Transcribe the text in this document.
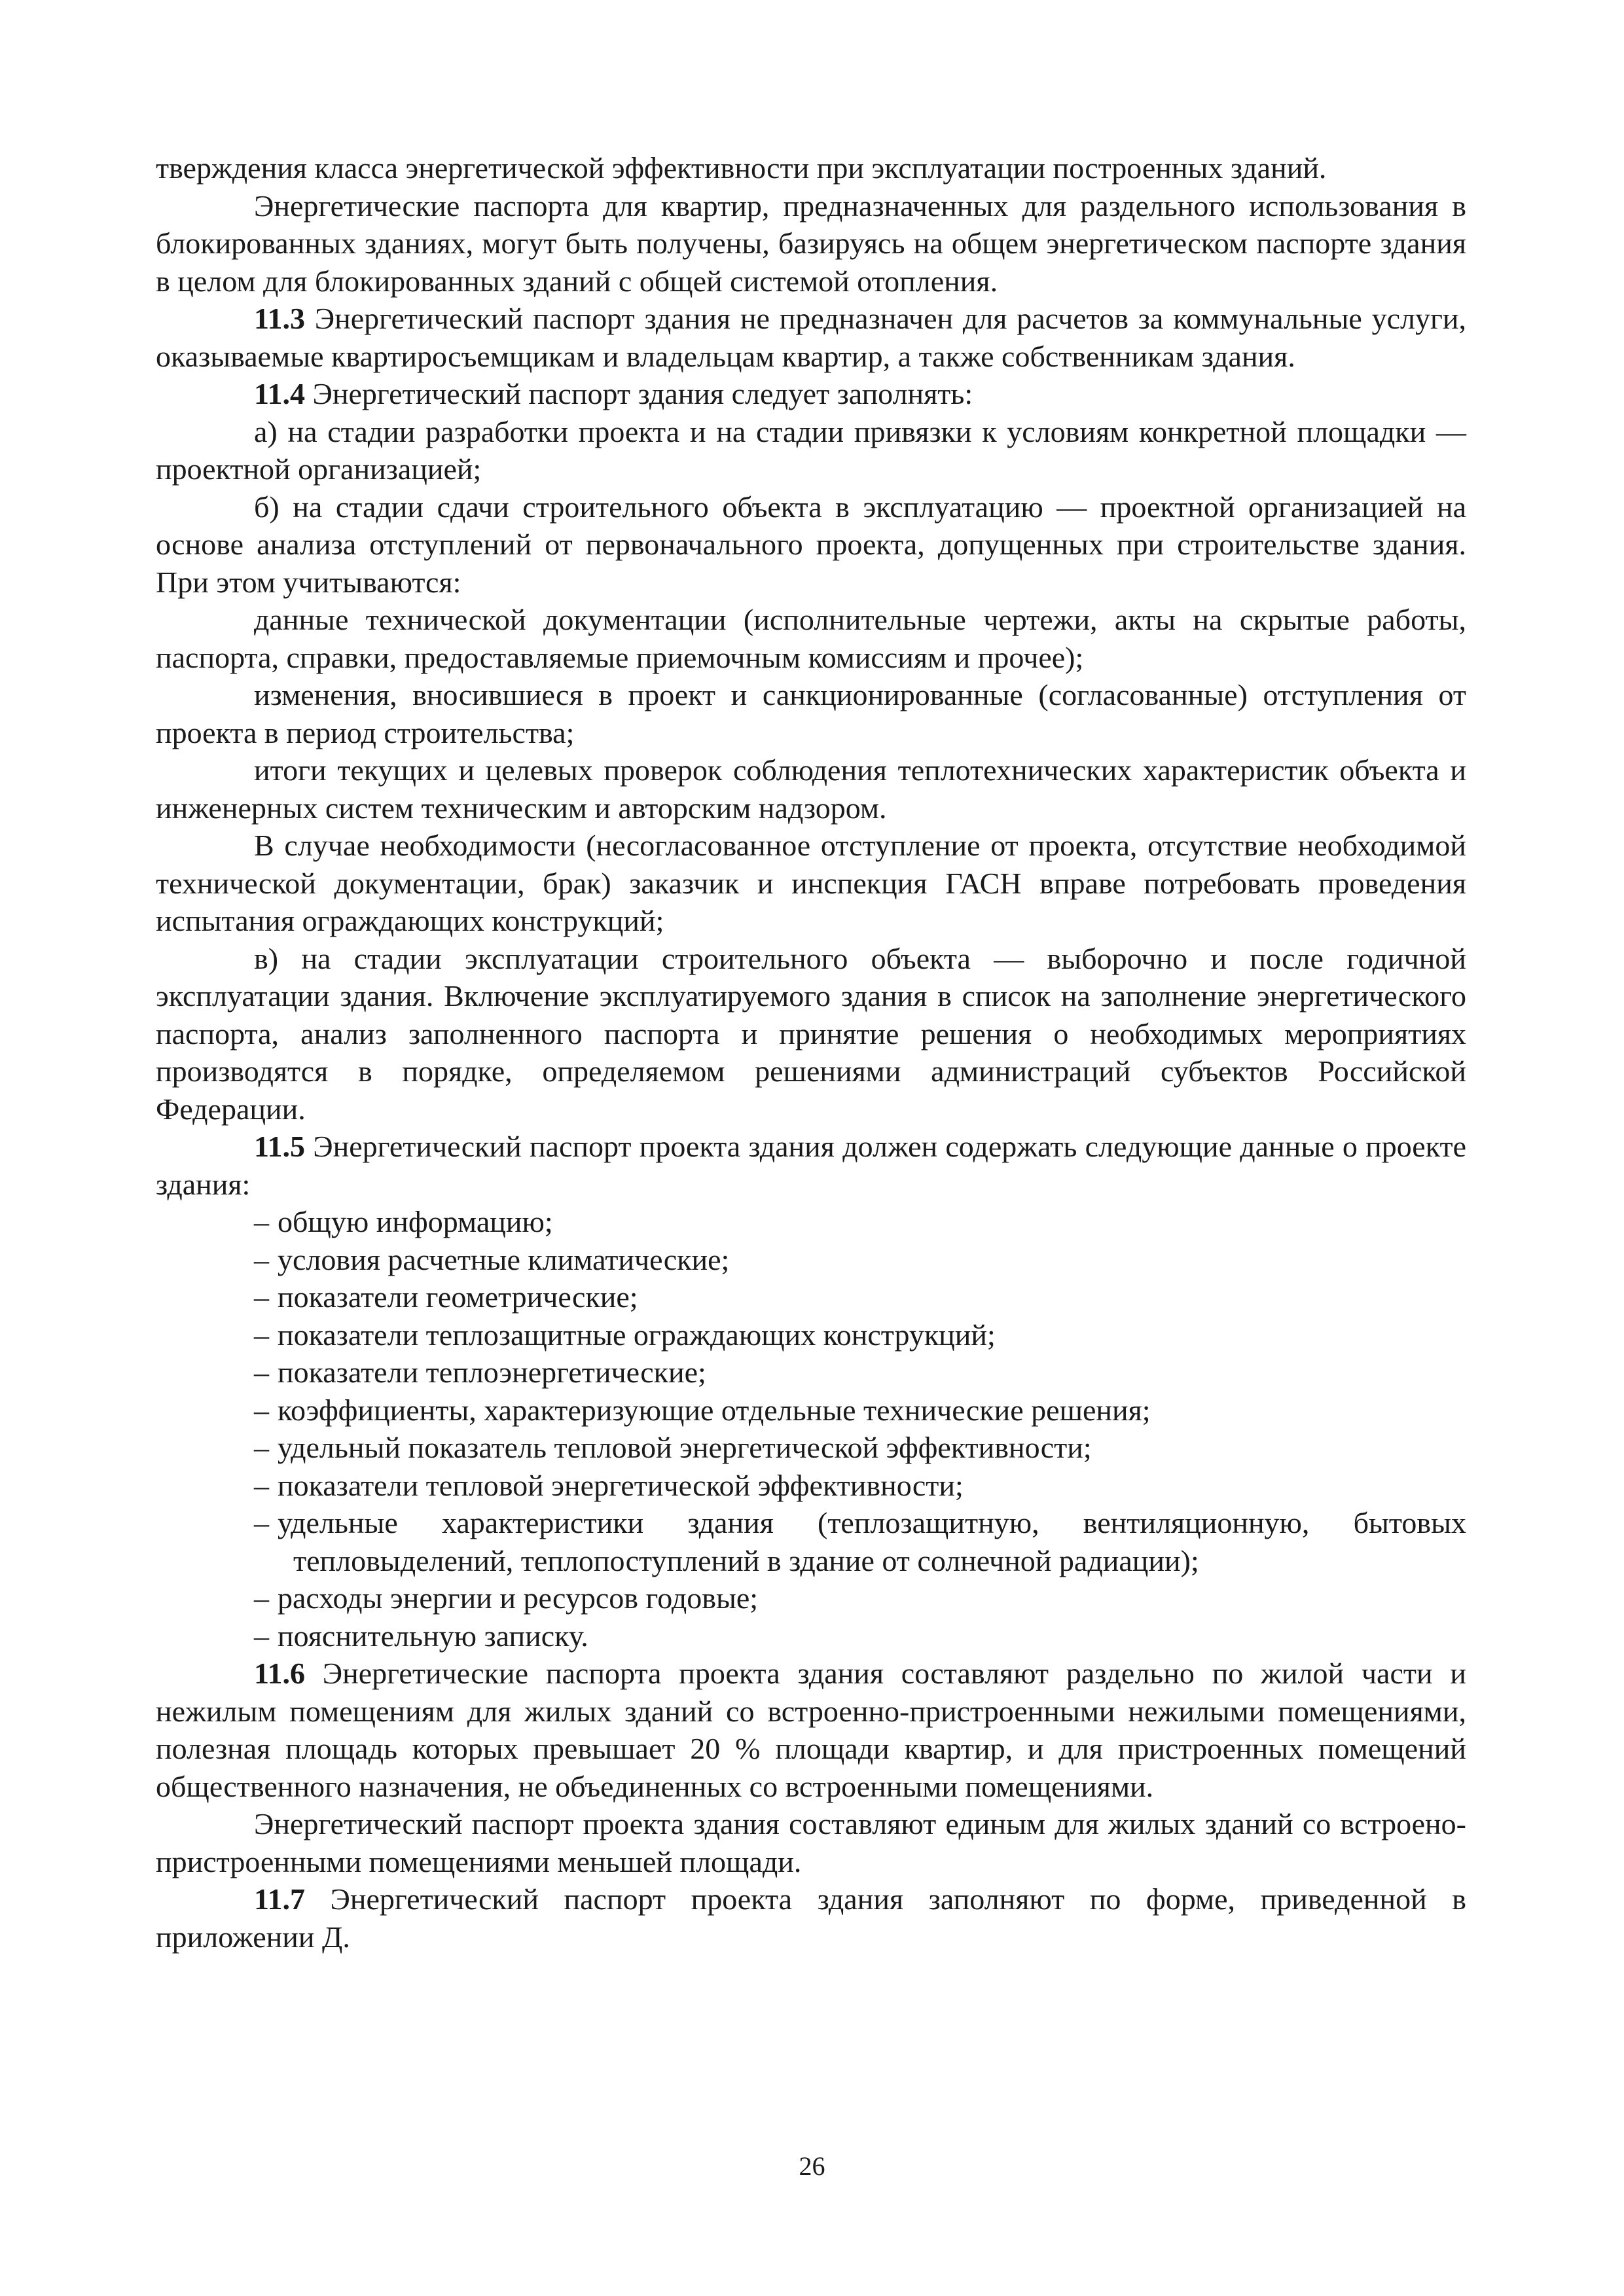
тверждения класса энергетической эффективности при эксплуатации построенных зданий.

Энергетические паспорта для квартир, предназначенных для раздельного использования в блокированных зданиях, могут быть получены, базируясь на общем энергетическом паспорте здания в целом для блокированных зданий с общей системой отопления.

11.3 Энергетический паспорт здания не предназначен для расчетов за коммунальные услуги, оказываемые квартиросъемщикам и владельцам квартир, а также собственникам здания.

11.4 Энергетический паспорт здания следует заполнять:

а) на стадии разработки проекта и на стадии привязки к условиям конкретной площадки — проектной организацией;

б) на стадии сдачи строительного объекта в эксплуатацию — проектной организацией на основе анализа отступлений от первоначального проекта, допущенных при строительстве здания. При этом учитываются:

данные технической документации (исполнительные чертежи, акты на скрытые работы, паспорта, справки, предоставляемые приемочным комиссиям и прочее);

изменения, вносившиеся в проект и санкционированные (согласованные) отступления от проекта в период строительства;

итоги текущих и целевых проверок соблюдения теплотехнических характеристик объекта и инженерных систем техническим и авторским надзором.

В случае необходимости (несогласованное отступление от проекта, отсутствие необходимой технической документации, брак) заказчик и инспекция ГАСН вправе потребовать проведения испытания ограждающих конструкций;

в) на стадии эксплуатации строительного объекта — выборочно и после годичной эксплуатации здания. Включение эксплуатируемого здания в список на заполнение энергетического паспорта, анализ заполненного паспорта и принятие решения о необходимых мероприятиях производятся в порядке, определяемом решениями администраций субъектов Российской Федерации.

11.5 Энергетический паспорт проекта здания должен содержать следующие данные о проекте здания:

– общую информацию;
– условия расчетные климатические;
– показатели геометрические;
– показатели теплозащитные ограждающих конструкций;
– показатели теплоэнергетические;
– коэффициенты, характеризующие отдельные технические решения;
– удельный показатель тепловой энергетической эффективности;
– показатели тепловой энергетической эффективности;
– удельные характеристики здания (теплозащитную, вентиляционную, бытовых тепловыделений, теплопоступлений в здание от солнечной радиации);
– расходы энергии и ресурсов годовые;
– пояснительную записку.

11.6 Энергетические паспорта проекта здания составляют раздельно по жилой части и нежилым помещениям для жилых зданий со встроенно-пристроенными нежилыми помещениями, полезная площадь которых превышает 20 % площади квартир, и для пристроенных помещений общественного назначения, не объединенных со встроенными помещениями.

Энергетический паспорт проекта здания составляют единым для жилых зданий со встроено- пристроенными помещениями меньшей площади.

11.7 Энергетический паспорт проекта здания заполняют по форме, приведенной в приложении Д.

26
